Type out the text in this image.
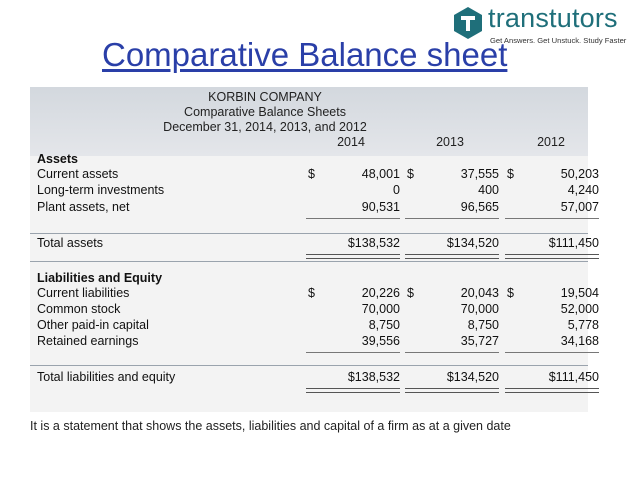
transtutors
Get Answers. Get Unstuck. Study Faster
Comparative Balance sheet
KORBIN COMPANY
Comparative Balance Sheets
December 31, 2014, 2013, and 2012
2014	2013	2012
Assets
Current assets	$	48,001 $	37,555 $	50,203
Long-term investments	0	400	4,240
Plant assets, net	90,531	96,565	57,007
Total assets	$138,532	$134,520	$111,450
Liabilities and Equity
Current liabilities	$	20,226 $	20,043 $	19,504
Common stock	70,000	70,000	52,000
Other paid-in capital	8,750	8,750	5,778
Retained earnings	39,556	35,727	34,168
Total liabilities and equity	$138,532	$134,520	$111,450
It is a statement that shows the assets, liabilities and capital of a firm as at a given date
